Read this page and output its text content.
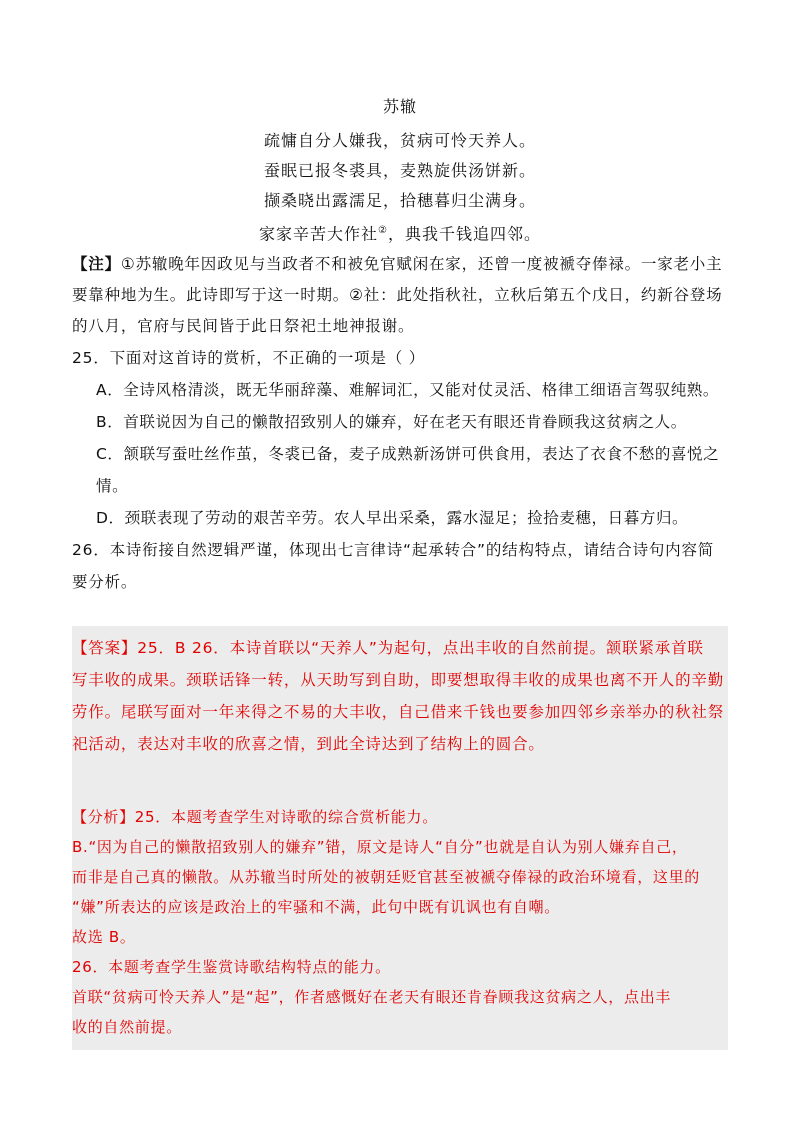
苏辙
疏慵自分人嫌我，贫病可怜天养人。
蚕眠已报冬裘具，麦熟旋供汤饼新。
撷桑晓出露濡足，拾穗暮归尘满身。
家家辛苦大作社②，典我千钱追四邻。
【注】①苏辙晚年因政见与当政者不和被免官赋闲在家，还曾一度被褫夺俸禄。一家老小主
要靠种地为生。此诗即写于这一时期。②社：此处指秋社，立秋后第五个戊日，约新谷登场
的八月，官府与民间皆于此日祭祀土地神报谢。
25．下面对这首诗的赏析，不正确的一项是（ ）
A．全诗风格清淡，既无华丽辞藻、难解词汇，又能对仗灵活、格律工细语言驾驭纯熟。
B．首联说因为自己的懒散招致别人的嫌弃，好在老天有眼还肯眷顾我这贫病之人。
C．颔联写蚕吐丝作茧，冬裘已备，麦子成熟新汤饼可供食用，表达了衣食不愁的喜悦之
情。
D．颈联表现了劳动的艰苦辛劳。农人早出采桑，露水湿足；捡拾麦穗，日暮方归。
26．本诗衔接自然逻辑严谨，体现出七言律诗“起承转合”的结构特点，请结合诗句内容简
要分析。
【答案】25．B 26．本诗首联以“天养人”为起句，点出丰收的自然前提。颔联紧承首联
写丰收的成果。颈联话锋一转，从天助写到自助，即要想取得丰收的成果也离不开人的辛勤
劳作。尾联写面对一年来得之不易的大丰收，自己借来千钱也要参加四邻乡亲举办的秋社祭
祀活动，表达对丰收的欣喜之情，到此全诗达到了结构上的圆合。
【分析】25．本题考查学生对诗歌的综合赏析能力。
B.“因为自己的懒散招致别人的嫌弃”错，原文是诗人“自分”也就是自认为别人嫌弃自己，
而非是自己真的懒散。从苏辙当时所处的被朝廷贬官甚至被褫夺俸禄的政治环境看，这里的
“嫌”所表达的应该是政治上的牢骚和不满，此句中既有讥讽也有自嘲。
故选 B。
26．本题考查学生鉴赏诗歌结构特点的能力。
首联“贫病可怜天养人”是“起”，作者感慨好在老天有眼还肯眷顾我这贫病之人，点出丰
收的自然前提。
